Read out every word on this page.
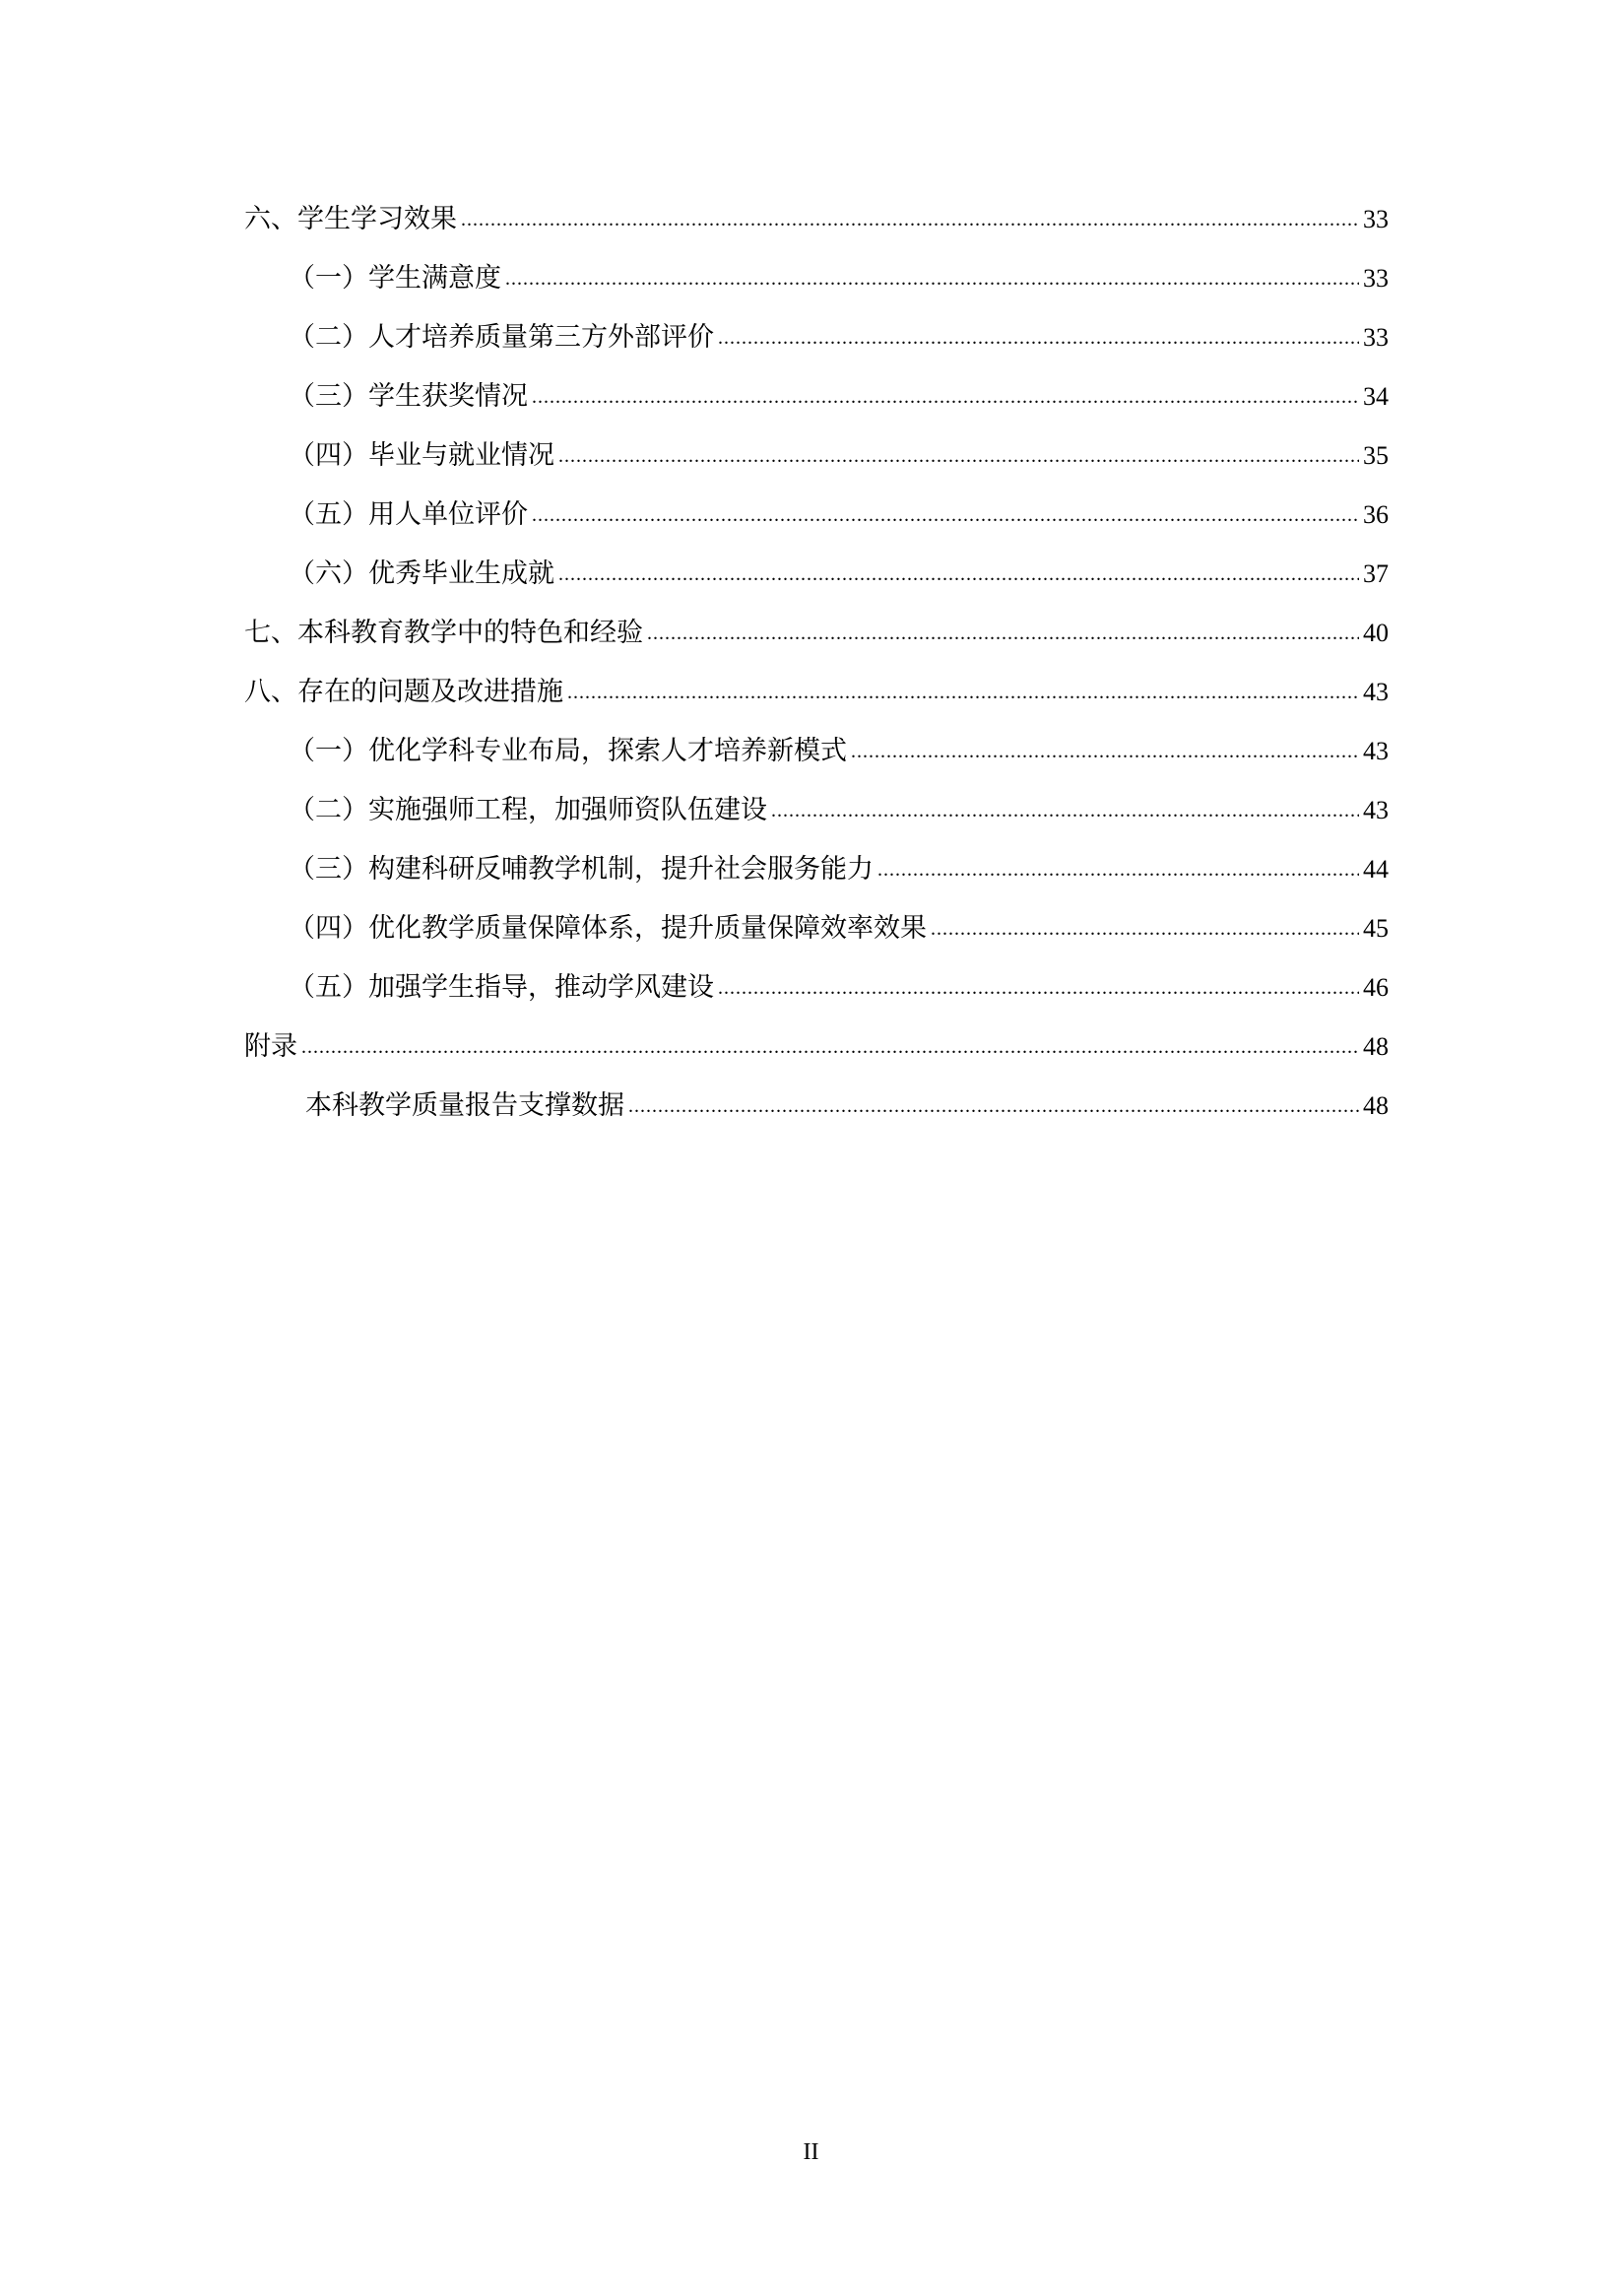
六、学生学习效果 .....	33
（一）学生满意度 .....	33
（二）人才培养质量第三方外部评价 .....	33
（三）学生获奖情况 .....	34
（四）毕业与就业情况 .....	35
（五）用人单位评价 .....	36
（六）优秀毕业生成就 .....	37
七、本科教育教学中的特色和经验 .....	40
八、存在的问题及改进措施 .....	43
（一）优化学科专业布局，探索人才培养新模式 .....	43
（二）实施强师工程，加强师资队伍建设 .....	43
（三）构建科研反哺教学机制，提升社会服务能力 .....	44
（四）优化教学质量保障体系，提升质量保障效率效果 .....	45
（五）加强学生指导，推动学风建设 .....	46
附录 .....	48
本科教学质量报告支撑数据 .....	48
II
